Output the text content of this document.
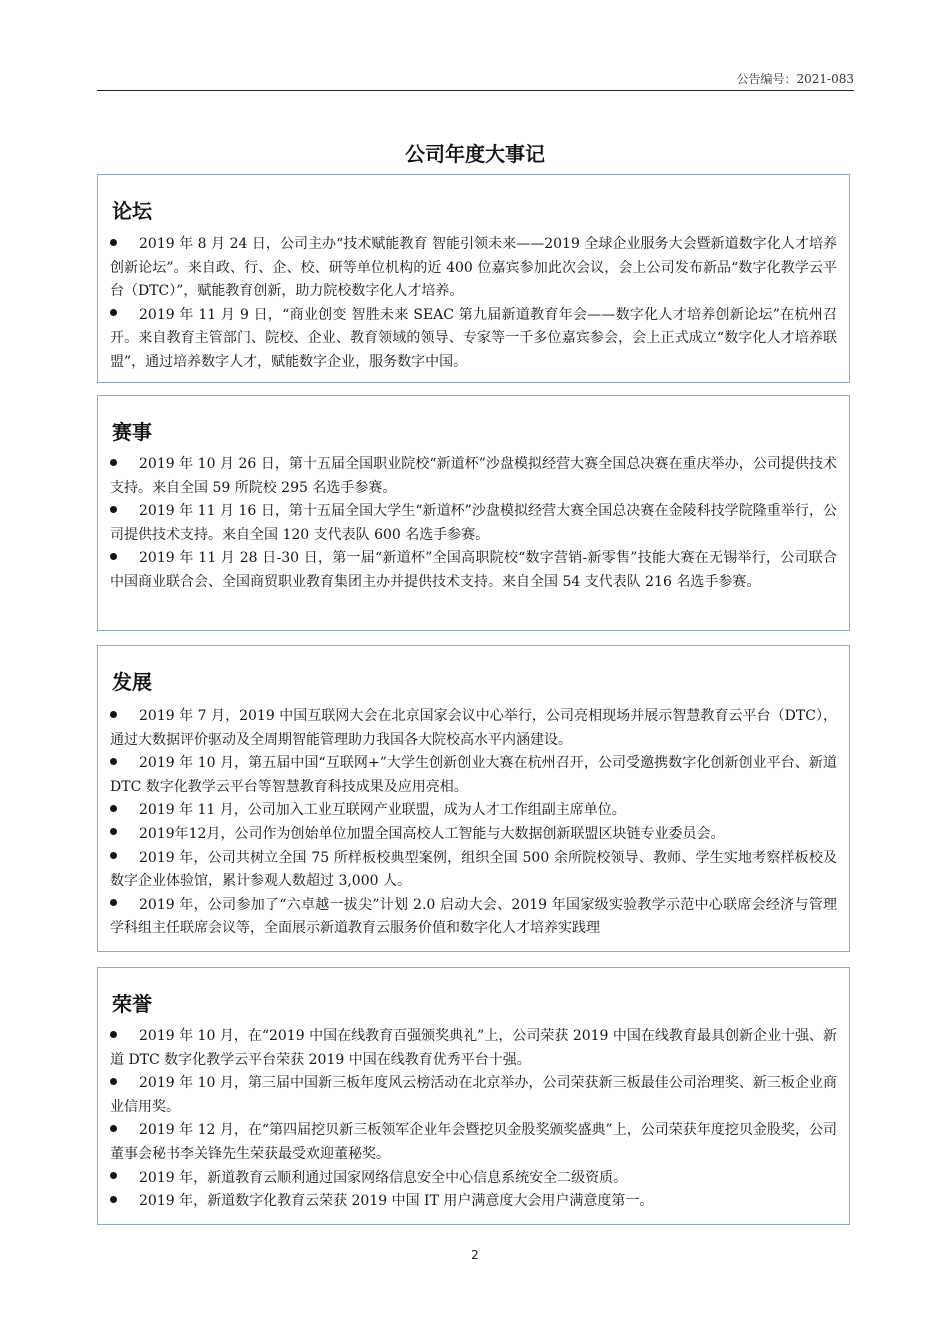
公告编号：2021-083
公司年度大事记
论坛
2019 年 8 月 24 日，公司主办“技术赋能教育 智能引领未来——2019 全球企业服务大会暨新道数字化人才培养创新论坛”。来自政、行、企、校、研等单位机构的近 400 位嘉宾参加此次会议，会上公司发布新品“数字化教学云平台（DTC）”，赋能教育创新，助力院校数字化人才培养。
2019 年 11 月 9 日，“商业创变 智胜未来 SEAC 第九届新道教育年会——数字化人才培养创新论坛”在杭州召开。来自教育主管部门、院校、企业、教育领域的领导、专家等一千多位嘉宾参会，会上正式成立“数字化人才培养联盟”，通过培养数字人才，赋能数字企业，服务数字中国。
赛事
2019 年 10 月 26 日，第十五届全国职业院校“新道杯”沙盘模拟经营大赛全国总决赛在重庆举办，公司提供技术支持。来自全国 59 所院校 295 名选手参赛。
2019 年 11 月 16 日，第十五届全国大学生“新道杯”沙盘模拟经营大赛全国总决赛在金陵科技学院隆重举行，公司提供技术支持。来自全国 120 支代表队 600 名选手参赛。
2019 年 11 月 28 日-30 日，第一届“新道杯”全国高职院校“数字营销-新零售”技能大赛在无锡举行，公司联合中国商业联合会、全国商贸职业教育集团主办并提供技术支持。来自全国 54 支代表队 216 名选手参赛。
发展
2019 年 7 月，2019 中国互联网大会在北京国家会议中心举行，公司亮相现场并展示智慧教育云平台（DTC），通过大数据评价驱动及全周期智能管理助力我国各大院校高水平内涵建设。
2019 年 10 月，第五届中国“互联网+”大学生创新创业大赛在杭州召开，公司受邀携数字化创新创业平台、新道 DTC 数字化教学云平台等智慧教育科技成果及应用亮相。
2019 年 11 月，公司加入工业互联网产业联盟，成为人才工作组副主席单位。
2019年12月，公司作为创始单位加盟全国高校人工智能与大数据创新联盟区块链专业委员会。
2019 年，公司共树立全国 75 所样板校典型案例，组织全国 500 余所院校领导、教师、学生实地考察样板校及数字企业体验馆，累计参观人数超过 3,000 人。
2019 年，公司参加了“六卓越一拔尖”计划 2.0 启动大会、2019 年国家级实验教学示范中心联席会经济与管理学科组主任联席会议等，全面展示新道教育云服务价值和数字化人才培养实践理
荣誉
2019 年 10 月，在“2019 中国在线教育百强颁奖典礼”上，公司荣获 2019 中国在线教育最具创新企业十强、新道 DTC 数字化教学云平台荣获 2019 中国在线教育优秀平台十强。
2019 年 10 月，第三届中国新三板年度风云榜活动在北京举办，公司荣获新三板最佳公司治理奖、新三板企业商业信用奖。
2019 年 12 月，在“第四届挖贝新三板领军企业年会暨挖贝金股奖颁奖盛典”上，公司荣获年度挖贝金股奖，公司董事会秘书李关锋先生荣获最受欢迎董秘奖。
2019 年，新道教育云顺利通过国家网络信息安全中心信息系统安全二级资质。
2019 年，新道数字化教育云荣获 2019 中国 IT 用户满意度大会用户满意度第一。
2
